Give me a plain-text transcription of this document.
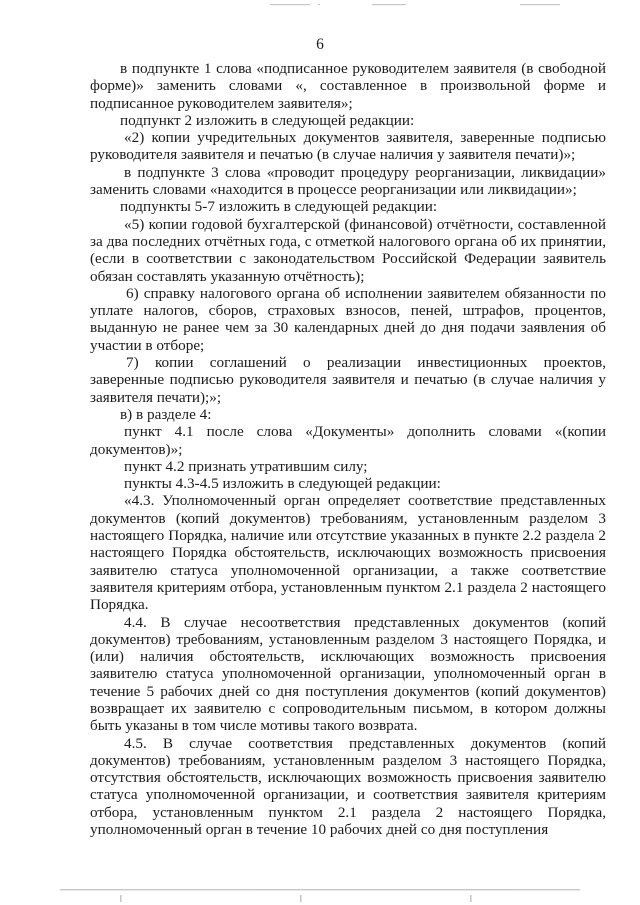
6

в подпункте 1 слова «подписанное руководителем заявителя (в свободной форме)» заменить словами «, составленное в произвольной форме и подписанное руководителем заявителя»;

подпункт 2 изложить в следующей редакции:

«2) копии учредительных документов заявителя, заверенные подписью руководителя заявителя и печатью (в случае наличия у заявителя печати)»;

в подпункте 3 слова «проводит процедуру реорганизации, ликвидации» заменить словами «находится в процессе реорганизации или ликвидации»;

подпункты 5-7 изложить в следующей редакции:

«5) копии годовой бухгалтерской (финансовой) отчётности, составленной за два последних отчётных года, с отметкой налогового органа об их принятии, (если в соответствии с законодательством Российской Федерации заявитель обязан составлять указанную отчётность);

6) справку налогового органа об исполнении заявителем обязанности по уплате налогов, сборов, страховых взносов, пеней, штрафов, процентов, выданную не ранее чем за 30 календарных дней до дня подачи заявления об участии в отборе;

7) копии соглашений о реализации инвестиционных проектов, заверенные подписью руководителя заявителя и печатью (в случае наличия у заявителя печати);»;

в) в разделе 4:

пункт 4.1 после слова «Документы» дополнить словами «(копии документов)»;

пункт 4.2 признать утратившим силу;

пункты 4.3-4.5 изложить в следующей редакции:

«4.3. Уполномоченный орган определяет соответствие представленных документов (копий документов) требованиям, установленным разделом 3 настоящего Порядка, наличие или отсутствие указанных в пункте 2.2 раздела 2 настоящего Порядка обстоятельств, исключающих возможность присвоения заявителю статуса уполномоченной организации, а также соответствие заявителя критериям отбора, установленным пунктом 2.1 раздела 2 настоящего Порядка.

4.4. В случае несоответствия представленных документов (копий документов) требованиям, установленным разделом 3 настоящего Порядка, и (или) наличия обстоятельств, исключающих возможность присвоения заявителю статуса уполномоченной организации, уполномоченный орган в течение 5 рабочих дней со дня поступления документов (копий документов) возвращает их заявителю с сопроводительным письмом, в котором должны быть указаны в том числе мотивы такого возврата.

4.5. В случае соответствия представленных документов (копий документов) требованиям, установленным разделом 3 настоящего Порядка, отсутствия обстоятельств, исключающих возможность присвоения заявителю статуса уполномоченной организации, и соответствия заявителя критериям отбора, установленным пунктом 2.1 раздела 2 настоящего Порядка, уполномоченный орган в течение 10 рабочих дней со дня поступления
